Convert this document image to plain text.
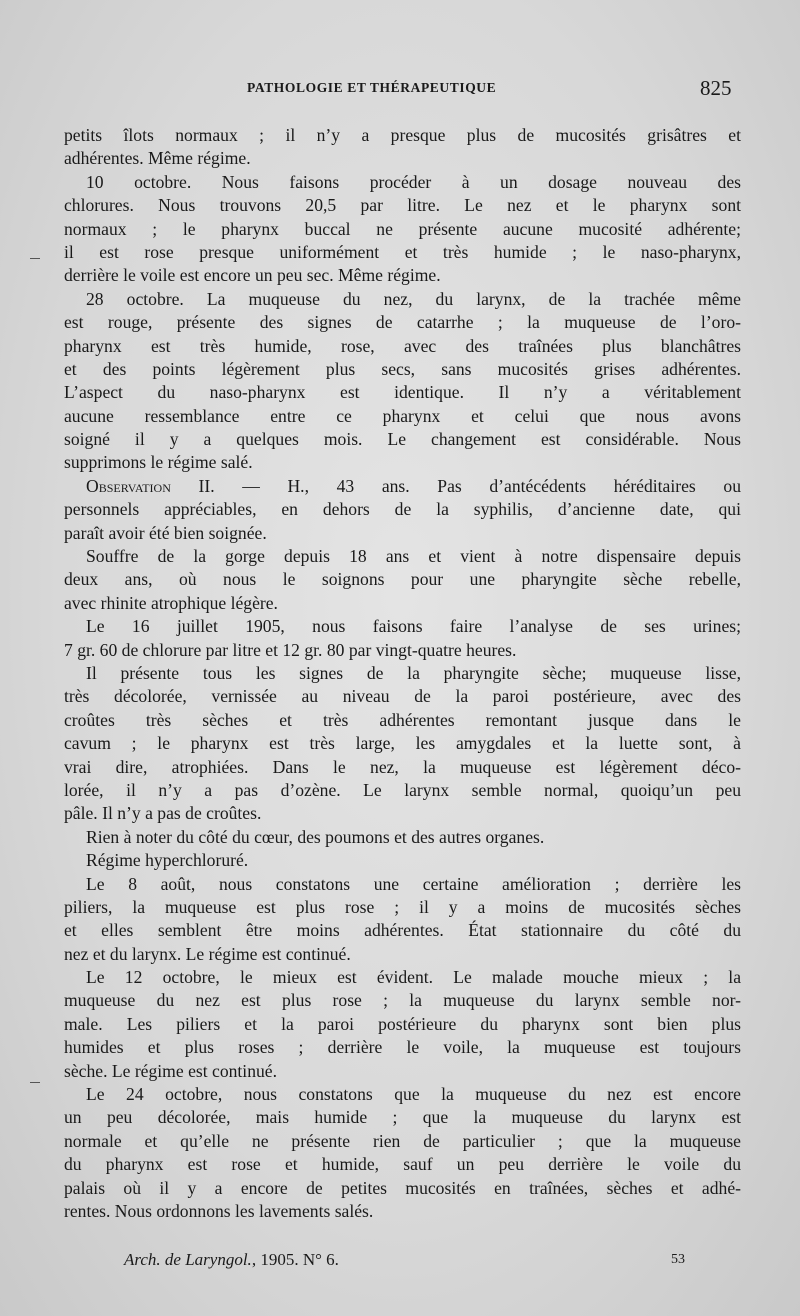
PATHOLOGIE ET THÉRAPEUTIQUE	825
petits îlots normaux ; il n’y a presque plus de mucosités grisâtres et
adhérentes. Même régime.
10 octobre. Nous faisons procéder à un dosage nouveau des
chlorures. Nous trouvons 20,5 par litre. Le nez et le pharynx sont
normaux ; le pharynx buccal ne présente aucune mucosité adhérente;
il est rose presque uniformément et très humide ; le naso-pharynx,
derrière le voile est encore un peu sec. Même régime.
28 octobre. La muqueuse du nez, du larynx, de la trachée même
est rouge, présente des signes de catarrhe ; la muqueuse de l’oro-
pharynx est très humide, rose, avec des traînées plus blanchâtres
et des points légèrement plus secs, sans mucosités grises adhérentes.
L’aspect du naso-pharynx est identique. Il n’y a véritablement
aucune ressemblance entre ce pharynx et celui que nous avons
soigné il y a quelques mois. Le changement est considérable. Nous
supprimons le régime salé.
Observation II. — H., 43 ans. Pas d’antécédents héréditaires ou
personnels appréciables, en dehors de la syphilis, d’ancienne date, qui
paraît avoir été bien soignée.
Souffre de la gorge depuis 18 ans et vient à notre dispensaire depuis
deux ans, où nous le soignons pour une pharyngite sèche rebelle,
avec rhinite atrophique légère.
Le 16 juillet 1905, nous faisons faire l’analyse de ses urines;
7 gr. 60 de chlorure par litre et 12 gr. 80 par vingt-quatre heures.
Il présente tous les signes de la pharyngite sèche; muqueuse lisse,
très décolorée, vernissée au niveau de la paroi postérieure, avec des
croûtes très sèches et très adhérentes remontant jusque dans le
cavum ; le pharynx est très large, les amygdales et la luette sont, à
vrai dire, atrophiées. Dans le nez, la muqueuse est légèrement déco-
lorée, il n’y a pas d’ozène. Le larynx semble normal, quoiqu’un peu
pâle. Il n’y a pas de croûtes.
Rien à noter du côté du cœur, des poumons et des autres organes.
Régime hyperchloruré.
Le 8 août, nous constatons une certaine amélioration ; derrière les
piliers, la muqueuse est plus rose ; il y a moins de mucosités sèches
et elles semblent être moins adhérentes. État stationnaire du côté du
nez et du larynx. Le régime est continué.
Le 12 octobre, le mieux est évident. Le malade mouche mieux ; la
muqueuse du nez est plus rose ; la muqueuse du larynx semble nor-
male. Les piliers et la paroi postérieure du pharynx sont bien plus
humides et plus roses ; derrière le voile, la muqueuse est toujours
sèche. Le régime est continué.
Le 24 octobre, nous constatons que la muqueuse du nez est encore
un peu décolorée, mais humide ; que la muqueuse du larynx est
normale et qu’elle ne présente rien de particulier ; que la muqueuse
du pharynx est rose et humide, sauf un peu derrière le voile du
palais où il y a encore de petites mucosités en traînées, sèches et adhé-
rentes. Nous ordonnons les lavements salés.
Arch. de Laryngol., 1905. N° 6.	53
